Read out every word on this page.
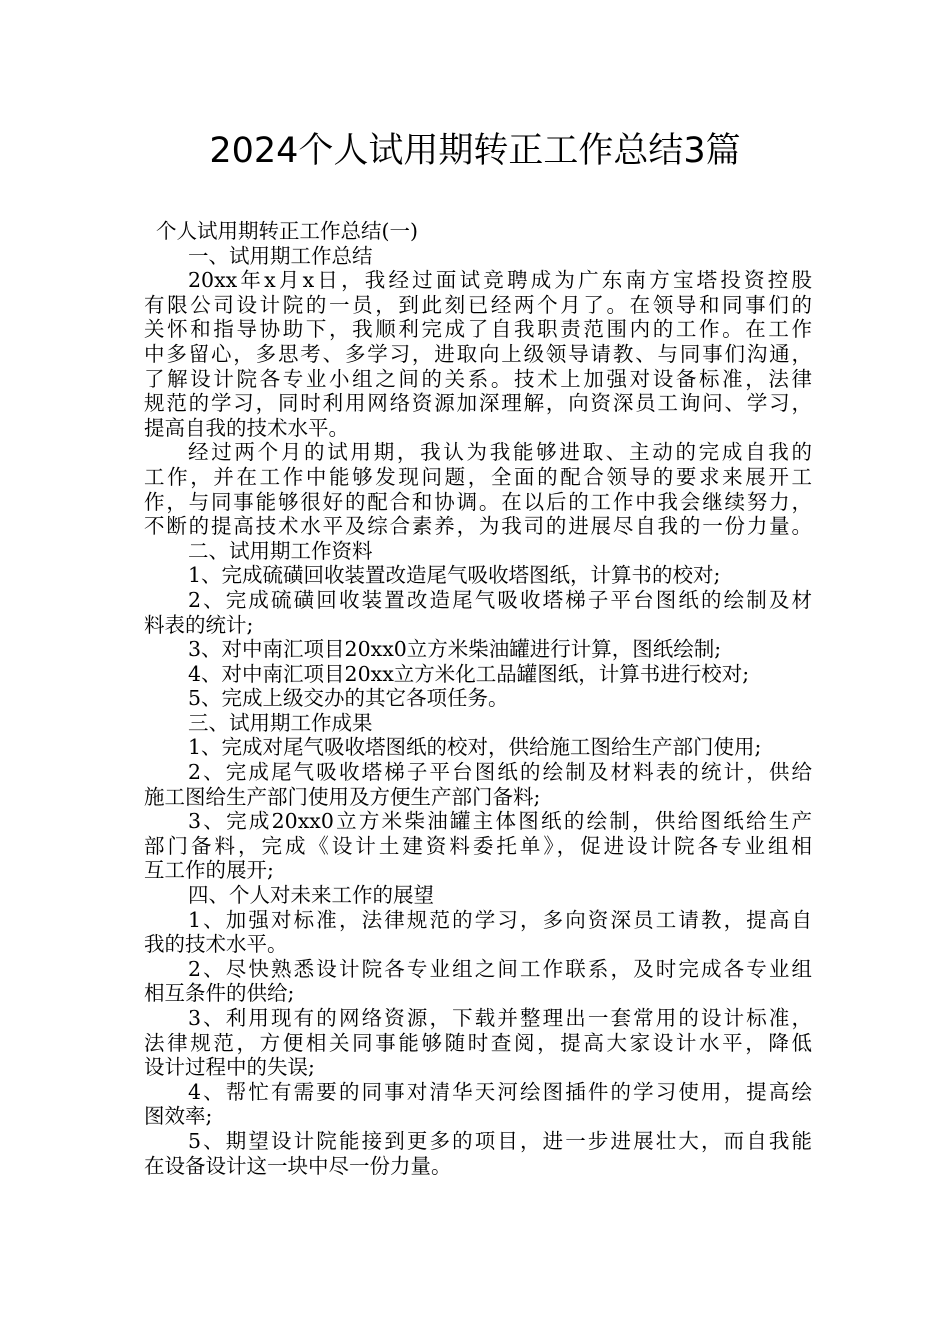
2024个人试用期转正工作总结3篇

个人试用期转正工作总结(一)

一、试用期工作总结

20xx年x月x日，我经过面试竞聘成为广东南方宝塔投资控股

有限公司设计院的一员，到此刻已经两个月了。在领导和同事们的

关怀和指导协助下，我顺利完成了自我职责范围内的工作。在工作

中多留心，多思考、多学习，进取向上级领导请教、与同事们沟通，

了解设计院各专业小组之间的关系。技术上加强对设备标准，法律

规范的学习，同时利用网络资源加深理解，向资深员工询问、学习，

提高自我的技术水平。

经过两个月的试用期，我认为我能够进取、主动的完成自我的

工作，并在工作中能够发现问题，全面的配合领导的要求来展开工

作，与同事能够很好的配合和协调。在以后的工作中我会继续努力，

不断的提高技术水平及综合素养，为我司的进展尽自我的一份力量。

二、试用期工作资料

1、完成硫磺回收装置改造尾气吸收塔图纸，计算书的校对;

2、完成硫磺回收装置改造尾气吸收塔梯子平台图纸的绘制及材

料表的统计;

3、对中南汇项目20xx0立方米柴油罐进行计算，图纸绘制;

4、对中南汇项目20xx立方米化工品罐图纸，计算书进行校对;

5、完成上级交办的其它各项任务。

三、试用期工作成果

1、完成对尾气吸收塔图纸的校对，供给施工图给生产部门使用;

2、完成尾气吸收塔梯子平台图纸的绘制及材料表的统计，供给

施工图给生产部门使用及方便生产部门备料;

3、完成20xx0立方米柴油罐主体图纸的绘制，供给图纸给生产

部门备料，完成《设计土建资料委托单》，促进设计院各专业组相

互工作的展开;

四、个人对未来工作的展望

1、加强对标准，法律规范的学习，多向资深员工请教，提高自

我的技术水平。

2、尽快熟悉设计院各专业组之间工作联系，及时完成各专业组

相互条件的供给;

3、利用现有的网络资源，下载并整理出一套常用的设计标准，

法律规范，方便相关同事能够随时查阅，提高大家设计水平，降低

设计过程中的失误;

4、帮忙有需要的同事对清华天河绘图插件的学习使用，提高绘

图效率;

5、期望设计院能接到更多的项目，进一步进展壮大，而自我能

在设备设计这一块中尽一份力量。
